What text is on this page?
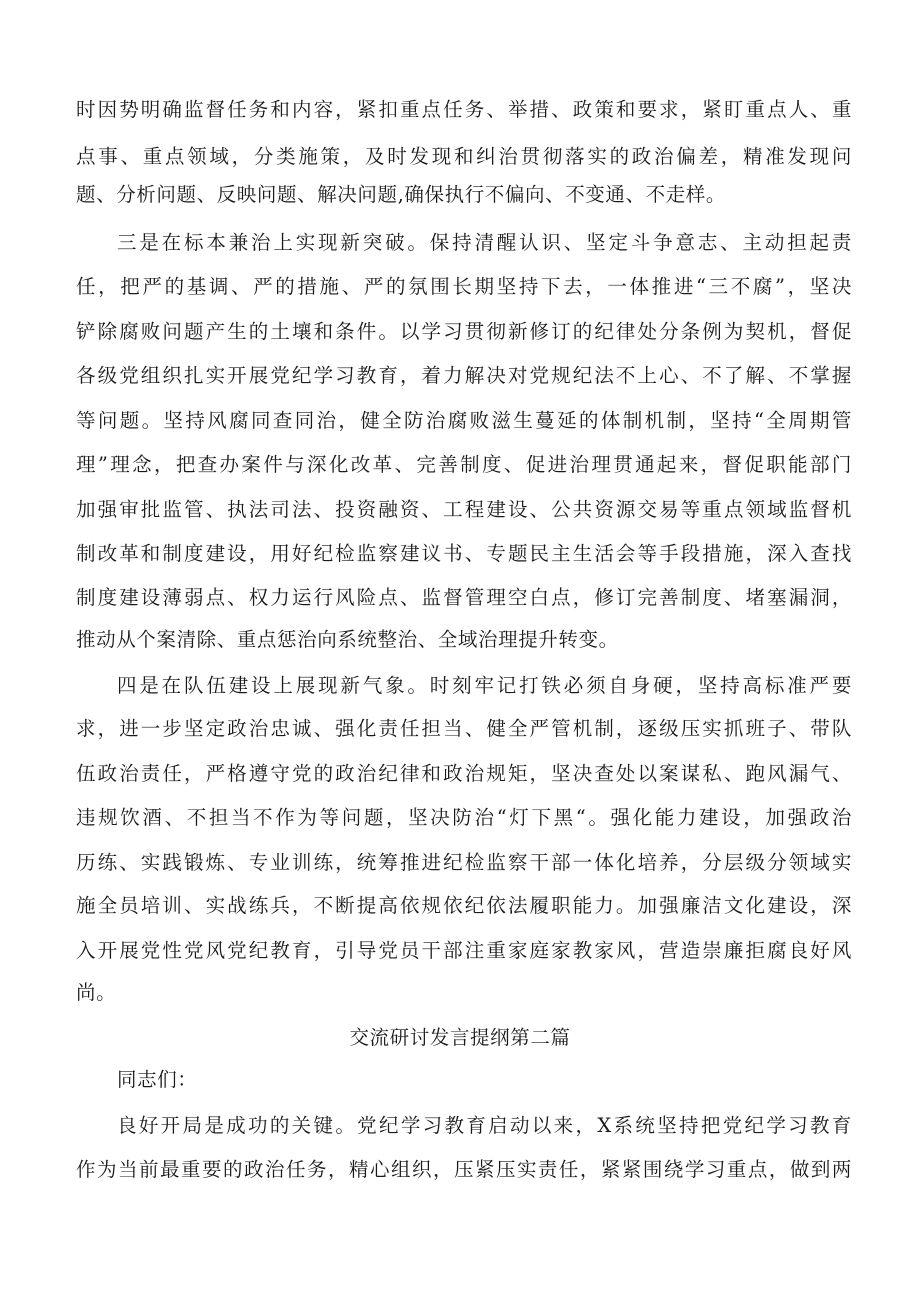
时因势明确监督任务和内容，紧扣重点任务、举措、政策和要求，紧盯重点人、重
点事、重点领域，分类施策，及时发现和纠治贯彻落实的政治偏差，精准发现问
题、分析问题、反映问题、解决问题,确保执行不偏向、不变通、不走样。
三是在标本兼治上实现新突破。保持清醒认识、坚定斗争意志、主动担起责
任，把严的基调、严的措施、严的氛围长期坚持下去，一体推进“三不腐”，坚决
铲除腐败问题产生的土壤和条件。以学习贯彻新修订的纪律处分条例为契机，督促
各级党组织扎实开展党纪学习教育，着力解决对党规纪法不上心、不了解、不掌握
等问题。坚持风腐同查同治，健全防治腐败滋生蔓延的体制机制，坚持“全周期管
理”理念，把查办案件与深化改革、完善制度、促进治理贯通起来，督促职能部门
加强审批监管、执法司法、投资融资、工程建设、公共资源交易等重点领域监督机
制改革和制度建设，用好纪检监察建议书、专题民主生活会等手段措施，深入查找
制度建设薄弱点、权力运行风险点、监督管理空白点，修订完善制度、堵塞漏洞，
推动从个案清除、重点惩治向系统整治、全域治理提升转变。
四是在队伍建设上展现新气象。时刻牢记打铁必须自身硬，坚持高标准严要
求，进一步坚定政治忠诚、强化责任担当、健全严管机制，逐级压实抓班子、带队
伍政治责任，严格遵守党的政治纪律和政治规矩，坚决查处以案谋私、跑风漏气、
违规饮酒、不担当不作为等问题，坚决防治“灯下黑“。强化能力建设，加强政治
历练、实践锻炼、专业训练，统筹推进纪检监察干部一体化培养，分层级分领域实
施全员培训、实战练兵，不断提高依规依纪依法履职能力。加强廉洁文化建设，深
入开展党性党风党纪教育，引导党员干部注重家庭家教家风，营造崇廉拒腐良好风
尚。
交流研讨发言提纲第二篇
同志们：
良好开局是成功的关键。党纪学习教育启动以来，X系统坚持把党纪学习教育
作为当前最重要的政治任务，精心组织，压紧压实责任，紧紧围绕学习重点，做到两
